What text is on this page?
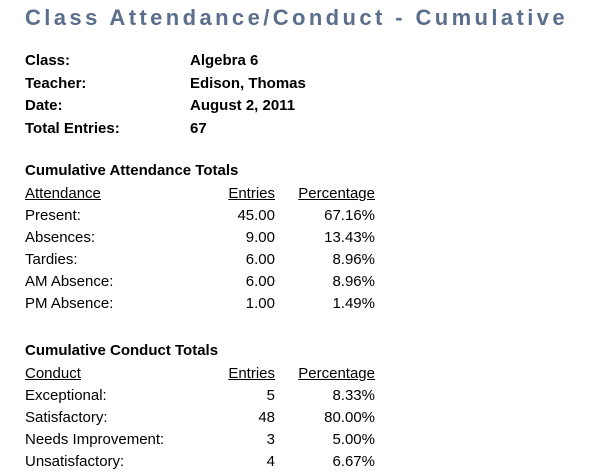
Class Attendance/Conduct - Cumulative
Class:	Algebra 6
Teacher:	Edison, Thomas
Date:	August 2, 2011
Total Entries:	67
Cumulative Attendance Totals
Attendance	Entries Percentage
Present:	45.00	67.16%
Absences:	9.00	13.43%
Tardies:	6.00	8.96%
AM Absence:	6.00	8.96%
PM Absence:	1.00	1.49%
Cumulative Conduct Totals
Conduct	Entries Percentage
Exceptional:	5	8.33%
Satisfactory:	48	80.00%
Needs Improvement:	3	5.00%
Unsatisfactory:	4	6.67%
